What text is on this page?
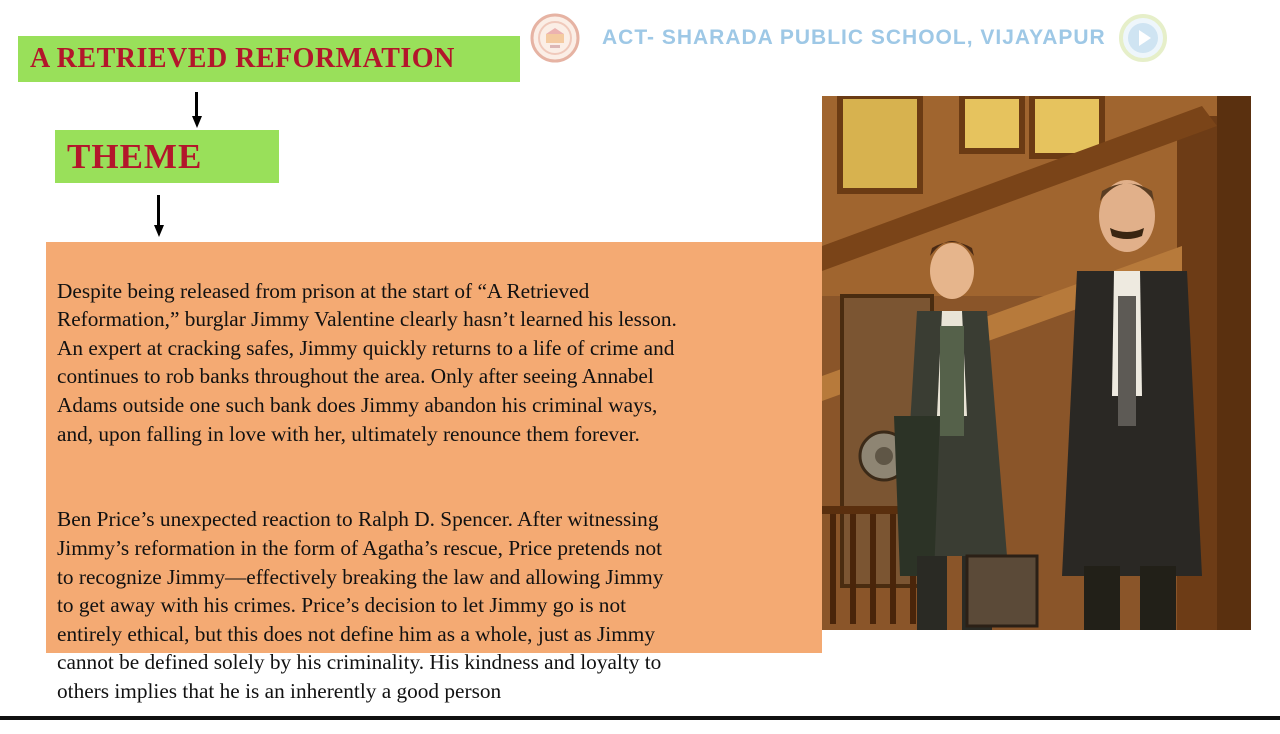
ACT- SHARADA PUBLIC SCHOOL, VIJAYAPUR
A RETRIEVED REFORMATION
THEME

Despite being released from prison at the start of “A Retrieved
Reformation,” burglar Jimmy Valentine clearly hasn’t learned his lesson.
An expert at cracking safes, Jimmy quickly returns to a life of crime and
continues to rob banks throughout the area. Only after seeing Annabel
Adams outside one such bank does Jimmy abandon his criminal ways,
and, upon falling in love with her, ultimately renounce them forever.

Ben Price’s unexpected reaction to Ralph D. Spencer. After witnessing
Jimmy’s reformation in the form of Agatha’s rescue, Price pretends not
to recognize Jimmy—effectively breaking the law and allowing Jimmy
to get away with his crimes. Price’s decision to let Jimmy go is not
entirely ethical, but this does not define him as a whole, just as Jimmy
cannot be defined solely by his criminality. His kindness and loyalty to
others implies that he is an inherently a good person
